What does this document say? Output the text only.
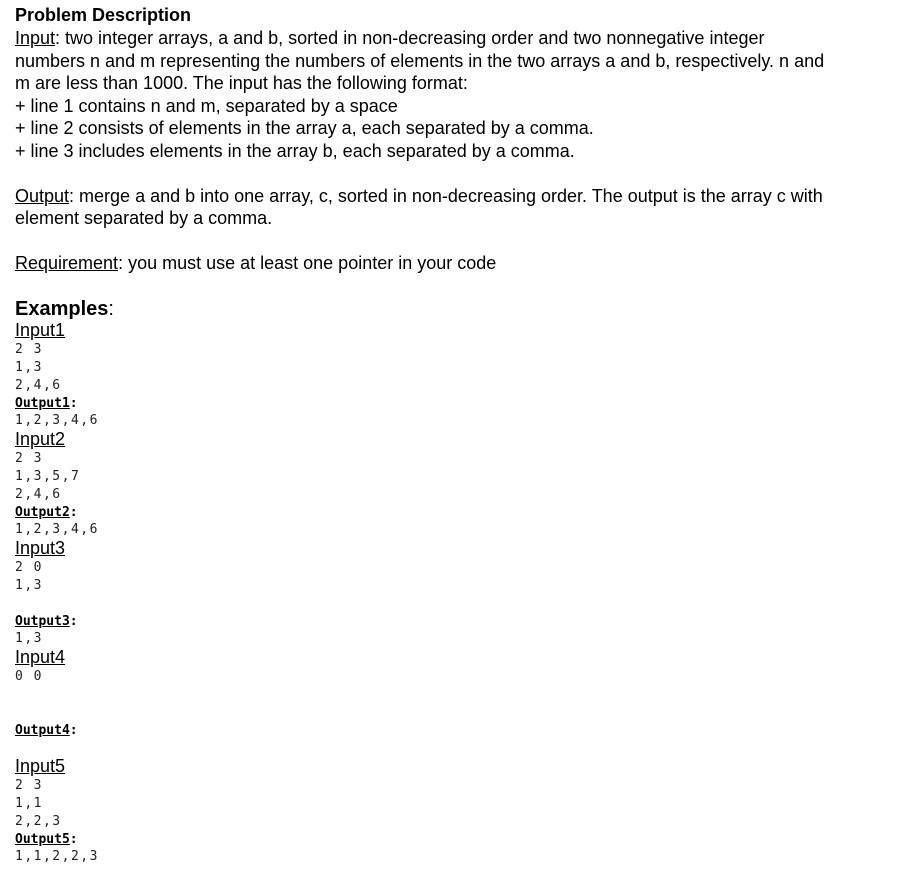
Problem Description
Input: two integer arrays, a and b, sorted in non-decreasing order and two nonnegative integer
numbers n and m representing the numbers of elements in the two arrays a and b, respectively. n and
m are less than 1000. The input has the following format:
+ line 1 contains n and m, separated by a space
+ line 2 consists of elements in the array a, each separated by a comma.
+ line 3 includes elements in the array b, each separated by a comma.
Output: merge a and b into one array, c, sorted in non-decreasing order. The output is the array c with
element separated by a comma.
Requirement: you must use at least one pointer in your code
Examples:
Input1
2 3
1,3
2,4,6
Output1:
1,2,3,4,6
Input2
2 3
1,3,5,7
2,4,6
Output2:
1,2,3,4,6
Input3
2 0
1,3
Output3:
1,3
Input4
0 0
Output4:
Input5
2 3
1,1
2,2,3
Output5:
1,1,2,2,3
